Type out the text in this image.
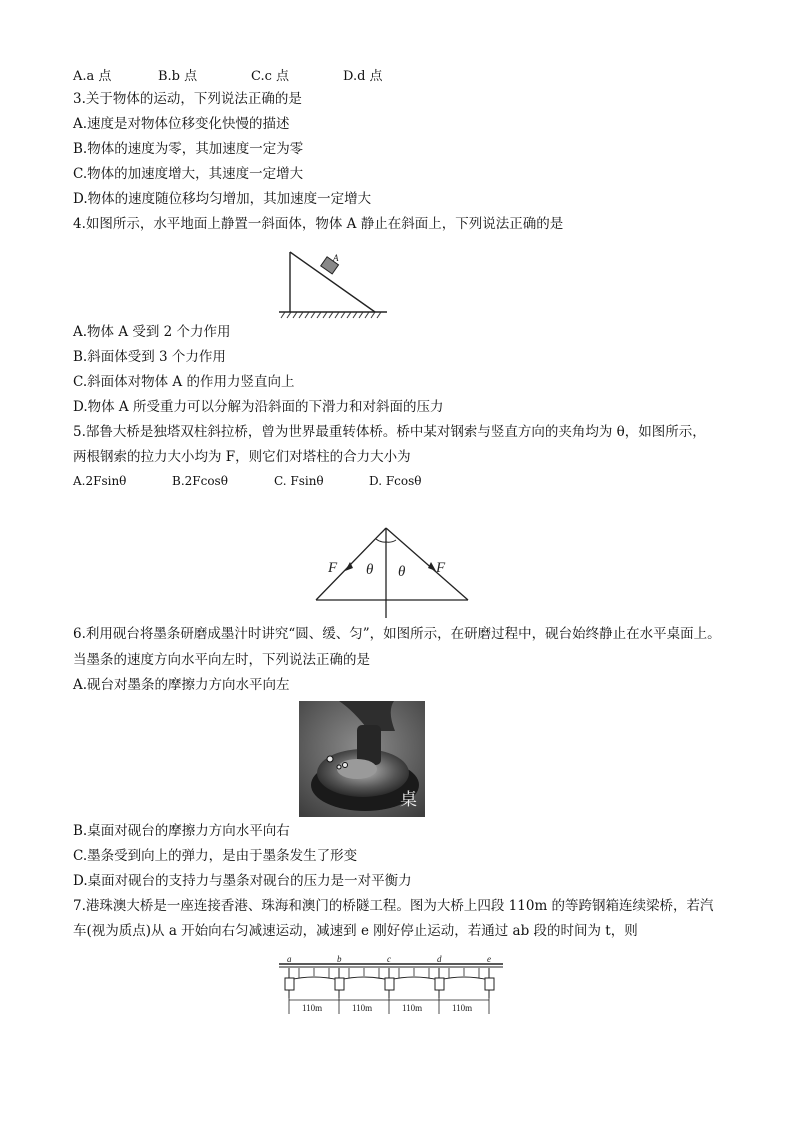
A.a 点	B.b 点	C.c 点	D.d 点
3.关于物体的运动，下列说法正确的是
A.速度是对物体位移变化快慢的描述
B.物体的速度为零，其加速度一定为零
C.物体的加速度增大，其速度一定增大
D.物体的速度随位移均匀增加，其加速度一定增大
4.如图所示，水平地面上静置一斜面体，物体 A 静止在斜面上，下列说法正确的是
A
A.物体 A 受到 2 个力作用
B.斜面体受到 3 个力作用
C.斜面体对物体 A 的作用力竖直向上
D.物体 A 所受重力可以分解为沿斜面的下滑力和对斜面的压力
5.郜鲁大桥是独塔双柱斜拉桥，曾为世界最重转体桥。桥中某对钢索与竖直方向的夹角均为 θ，如图所示，
两根钢索的拉力大小均为 F，则它们对塔柱的合力大小为
A.2Fsinθ	B.2Fcosθ	C. Fsinθ	D. Fcosθ
F θ θ F
6.利用砚台将墨条研磨成墨汁时讲究“圆、缓、匀”，如图所示，在研磨过程中，砚台始终静止在水平桌面上。
当墨条的速度方向水平向左时，下列说法正确的是
A.砚台对墨条的摩擦力方向水平向左
桌
B.桌面对砚台的摩擦力方向水平向右
C.墨条受到向上的弹力，是由于墨条发生了形变
D.桌面对砚台的支持力与墨条对砚台的压力是一对平衡力
7.港珠澳大桥是一座连接香港、珠海和澳门的桥隧工程。图为大桥上四段 110m 的等跨钢箱连续梁桥，若汽
车(视为质点)从 a 开始向右匀减速运动，减速到 e 刚好停止运动，若通过 ab 段的时间为 t，则
a	b	c	d	e
110m	110m	110m	110m
